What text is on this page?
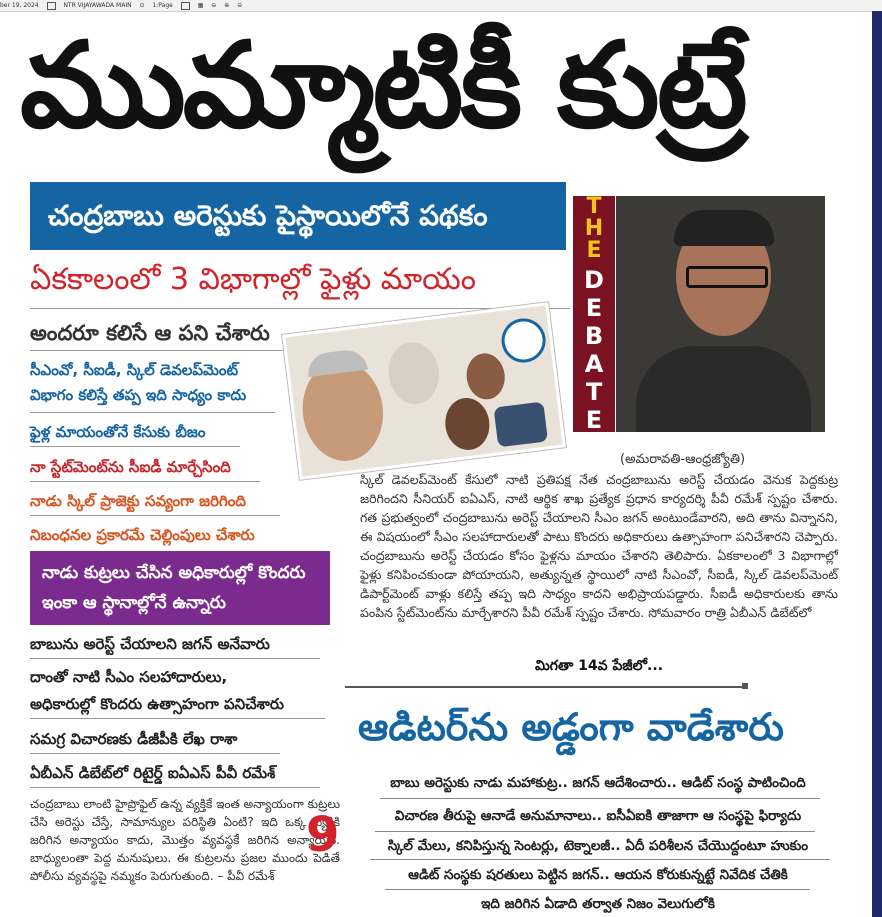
ber 19, 2024	NTR VIJAYAWADA MAIN ⊙ 1:Page	▦ ⊖ ⊕ ⊖
ముమ్మాటికీ కుట్రే
చంద్రబాబు అరెస్టుకు పైస్థాయిలోనే పథకం
ఏకకాలంలో 3 విభాగాల్లో ఫైళ్లు మాయం
అందరూ కలిసే ఆ పని చేశారు
సీఎంవో, సీఐడీ, స్కిల్ డెవలప్‌మెంట్ విభాగం కలిస్తే తప్ప ఇది సాధ్యం కాదు
ఫైళ్ల మాయంతోనే కేసుకు బీజం
నా స్టేట్‌మెంట్‌ను సీఐడీ మార్చేసింది
నాడు స్కిల్ ప్రాజెక్టు సవ్యంగా జరిగింది
నిబంధనల ప్రకారమే చెల్లింపులు చేశారు
నాడు కుట్రలు చేసిన అధికారుల్లో కొందరు ఇంకా ఆ స్థానాల్లోనే ఉన్నారు
బాబును అరెస్ట్ చేయాలని జగన్ అనేవారు
దాంతో నాటి సీఎం సలహాదారులు,
అధికారుల్లో కొందరు ఉత్సాహంగా పనిచేశారు
సమగ్ర విచారణకు డీజీపీకి లేఖ రాశా
ఏబీఎన్ డిబేట్‌లో రిటైర్డ్ ఐఏఎస్ పీవీ రమేశ్
చంద్రబాబు లాంటి హైప్రొఫైల్ ఉన్న వ్యక్తికే ఇంత అన్యాయంగా కుట్రలు చేసి అరెస్టు చేస్తే, సామాన్యుల పరిస్థితి ఏంటి? ఇది ఒక్క వ్యక్తికి జరిగిన అన్యాయం కాదు, మొత్తం వ్యవస్థకే జరిగిన అన్యాయం. బాధ్యులంతా పెద్ద మనుషులు. ఈ కుట్రలను ప్రజల ముందు పెడితే పోలీసు వ్యవస్థపై నమ్మకం పెరుగుతుంది. – పీవీ రమేశ్
9
T
H
E
D
E
B
A
T
E
(అమరావతి-ఆంధ్రజ్యోతి)
స్కిల్ డెవలప్‌మెంట్ కేసులో నాటి ప్రతిపక్ష నేత చంద్రబాబును అరెస్ట్ చేయడం వెనుక పెద్దకుట్ర జరిగిందని సీనియర్ ఐఏఎస్, నాటి ఆర్థిక శాఖ ప్రత్యేక ప్రధాన కార్యదర్శి పీవీ రమేశ్ స్పష్టం చేశారు. గత ప్రభుత్వంలో చంద్రబాబును అరెస్ట్ చేయాలని సీఎం జగన్ అంటుండేవారని, అది తాను విన్నానని, ఈ విషయంలో సీఎం సలహాదారులతో పాటు కొందరు అధికారులు ఉత్సాహంగా పనిచేశారని చెప్పారు. చంద్రబాబును అరెస్ట్ చేయడం కోసం ఫైళ్లను మాయం చేశారని తెలిపారు. ఏకకాలంలో 3 విభాగాల్లో ఫైళ్లు కనిపించకుండా పోయాయని, అత్యున్నత స్థాయిలో నాటి సీఎంవో, సీఐడీ, స్కిల్ డెవలప్‌మెంట్ డిపార్ట్‌మెంట్ వాళ్లు కలిస్తే తప్ప ఇది సాధ్యం కాదని అభిప్రాయపడ్డారు. సీఐడీ అధికారులకు తాను పంపిన స్టేట్‌మెంట్‌ను మార్చేశారని పీవీ రమేశ్ స్పష్టం చేశారు. సోమవారం రాత్రి ఏబీఎన్ డిబేట్‌లో
మిగతా 14వ పేజీలో...
ఆడిటర్‌ను అడ్డంగా వాడేశారు
బాబు అరెస్టుకు నాడు మహాకుట్ర.. జగన్ ఆదేశించారు.. ఆడిట్ సంస్థ పాటించింది
విచారణ తీరుపై ఆనాడే అనుమానాలు.. ఐసీఏఐకి తాజాగా ఆ సంస్థపై ఫిర్యాదు
స్కిల్ మేలు, కనిపిస్తున్న సెంటర్లు, టెక్నాలజీ.. ఏదీ పరిశీలన చేయొద్దంటూ హుకుం
ఆడిట్ సంస్థకు షరతులు పెట్టిన జగన్.. ఆయన కోరుకున్నట్టే నివేదిక చేతికి
ఇది జరిగిన ఏడాది తర్వాత నిజం వెలుగులోకి
